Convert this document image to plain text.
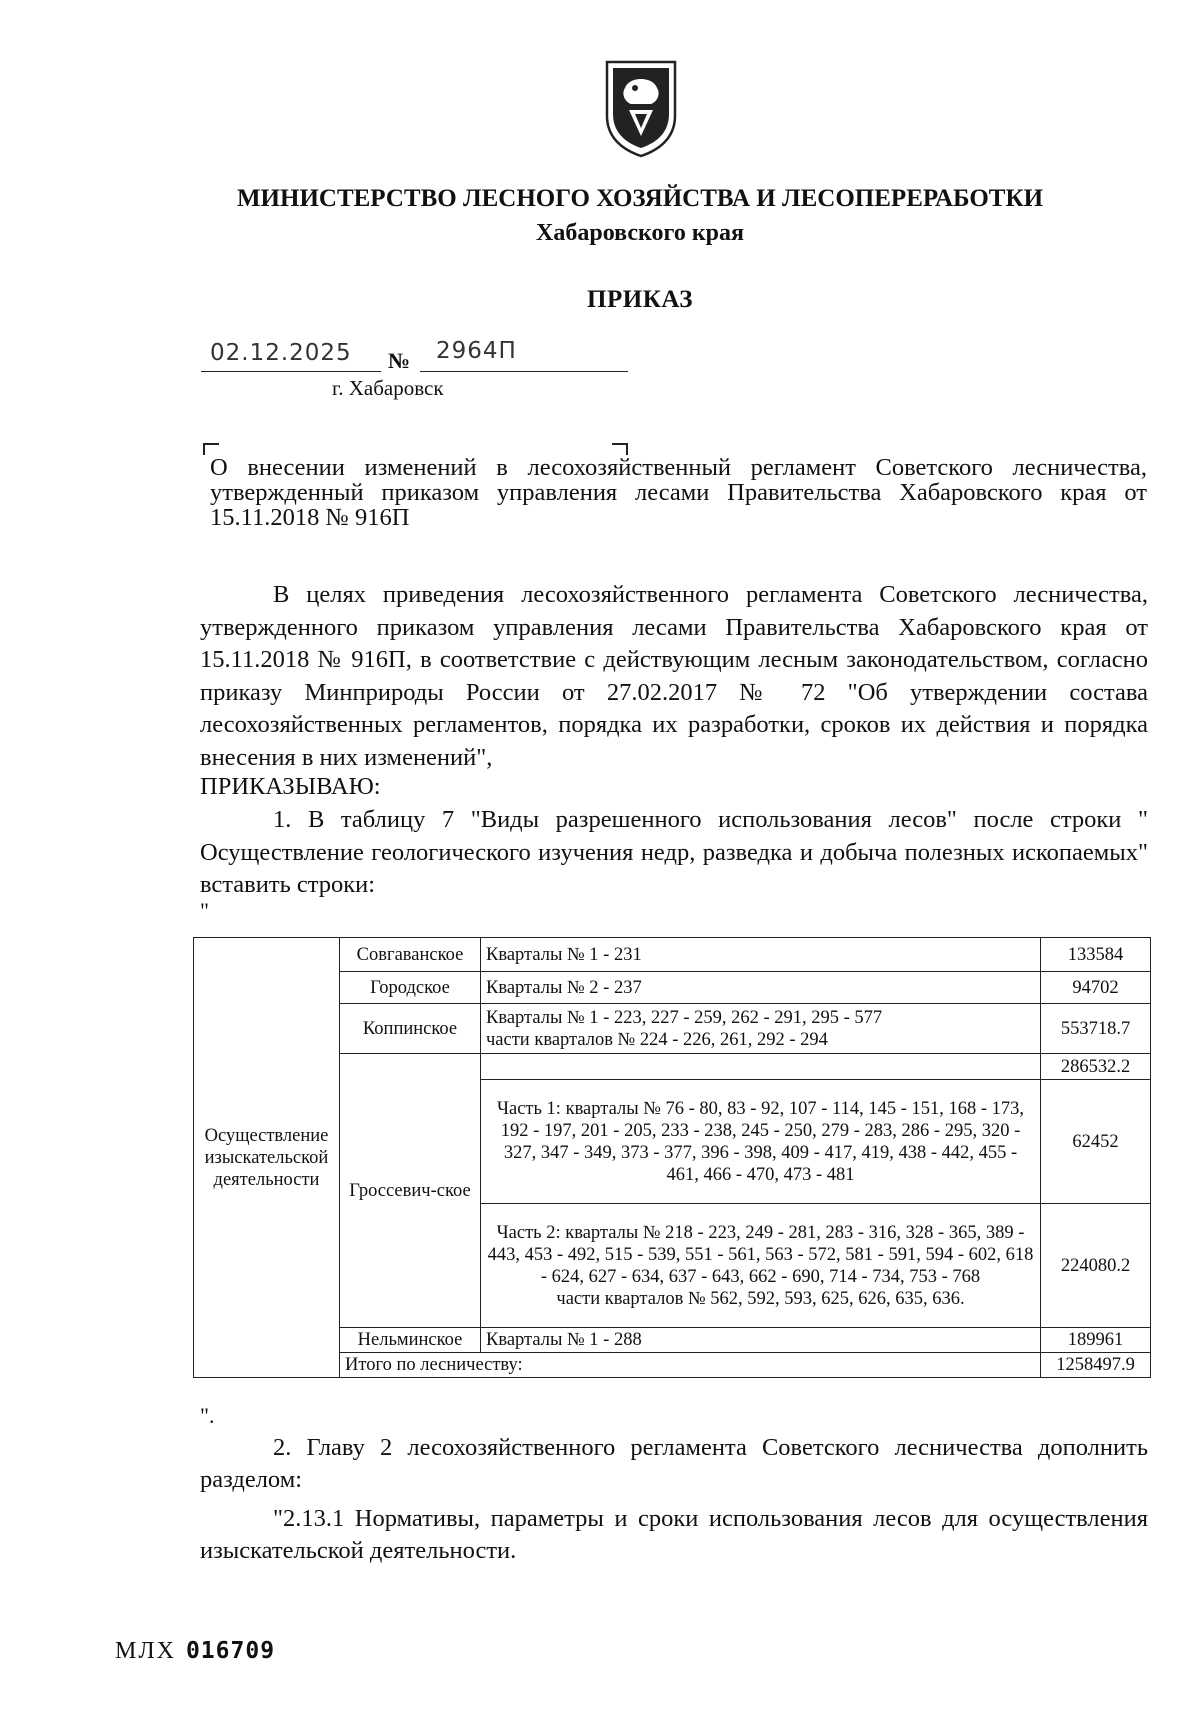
МИНИСТЕРСТВО ЛЕСНОГО ХОЗЯЙСТВА И ЛЕСОПЕРЕРАБОТКИ
Хабаровского края
ПРИКАЗ
02.12.2025 № 2964П
г. Хабаровск
О внесении изменений в лесохозяйственный регламент Советского лесничества, утвержденный приказом управления лесами Правительства Хабаровского края от 15.11.2018 № 916П
В целях приведения лесохозяйственного регламента Советского лесничества, утвержденного приказом управления лесами Правительства Хабаровского края от 15.11.2018 № 916П, в соответствие с действующим лесным законодательством, согласно приказу Минприроды России от 27.02.2017 № 72 "Об утверждении состава лесохозяйственных регламентов, порядка их разработки, сроков их действия и порядка внесения в них изменений",
ПРИКАЗЫВАЮ:
1. В таблицу 7 "Виды разрешенного использования лесов" после строки " Осуществление геологического изучения недр, разведка и добыча полезных ископаемых" вставить строки:
"
Осуществление изыскательской деятельности	Совгаванское	Кварталы № 1 - 231	133584
	Городское	Кварталы № 2 - 237	94702
	Коппинское	Кварталы № 1 - 223, 227 - 259, 262 - 291, 295 - 577
части кварталов № 224 - 226, 261, 292 - 294	553718.7
	Гроссевич-ское		286532.2
		Часть 1: кварталы № 76 - 80, 83 - 92, 107 - 114, 145 - 151, 168 - 173, 192 - 197, 201 - 205, 233 - 238, 245 - 250, 279 - 283, 286 - 295, 320 - 327, 347 - 349, 373 - 377, 396 - 398, 409 - 417, 419, 438 - 442, 455 - 461, 466 - 470, 473 - 481	62452

		Часть 2: кварталы № 218 - 223, 249 - 281, 283 - 316, 328 - 365, 389 - 443, 453 - 492, 515 - 539, 551 - 561, 563 - 572, 581 - 591, 594 - 602, 618 - 624, 627 - 634, 637 - 643, 662 - 690, 714 - 734, 753 - 768
части кварталов № 562, 592, 593, 625, 626, 635, 636.	224080.2
	Нельминское	Кварталы № 1 - 288	189961
	Итого по лесничеству:		1258497.9
".
2. Главу 2 лесохозяйственного регламента Советского лесничества дополнить разделом:
"2.13.1 Нормативы, параметры и сроки использования лесов для осуществления изыскательской деятельности.
МЛХ 016709
